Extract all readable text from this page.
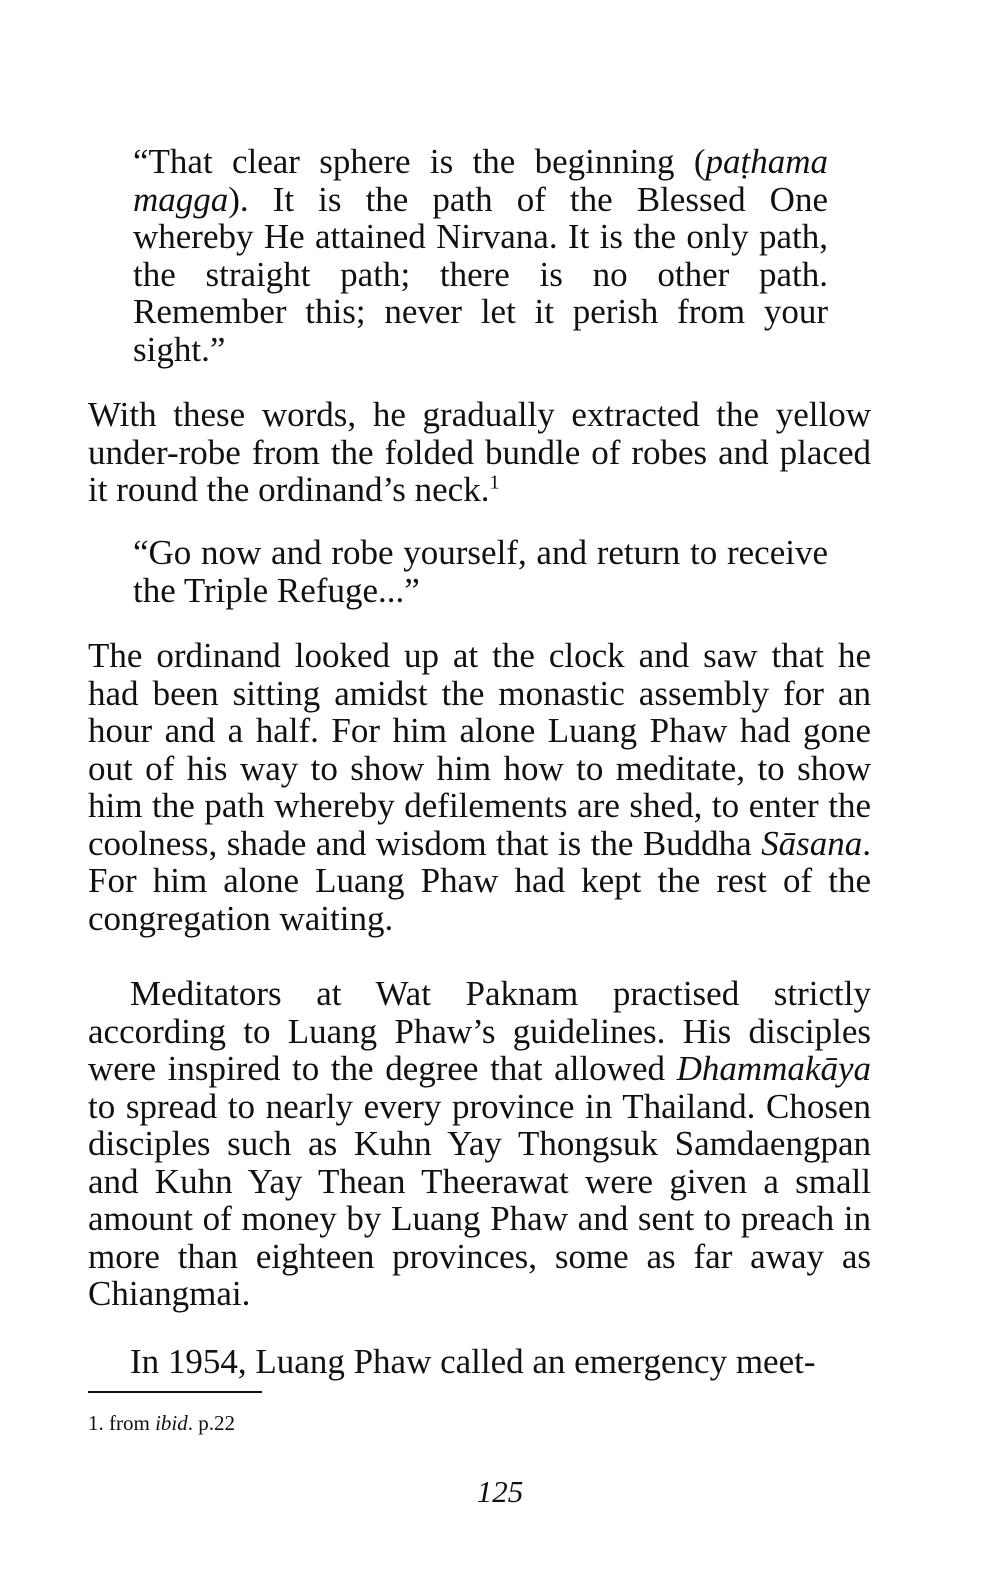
“That clear sphere is the beginning (paṭhama magga). It is the path of the Blessed One whereby He attained Nirvana. It is the only path, the straight path; there is no other path. Remember this; never let it perish from your sight.”

With these words, he gradually extracted the yellow under-robe from the folded bundle of robes and placed it round the ordinand’s neck.$^1$

“Go now and robe yourself, and return to receive the Triple Refuge...”

The ordinand looked up at the clock and saw that he had been sitting amidst the monastic assembly for an hour and a half. For him alone Luang Phaw had gone out of his way to show him how to meditate, to show him the path whereby defilements are shed, to enter the coolness, shade and wisdom that is the Buddha Sāsana. For him alone Luang Phaw had kept the rest of the congregation waiting.

Meditators at Wat Paknam practised strictly according to Luang Phaw’s guidelines. His disciples were inspired to the degree that allowed Dhammakāya to spread to nearly every province in Thailand. Chosen disciples such as Kuhn Yay Thongsuk Samdaengpan and Kuhn Yay Thean Theerawat were given a small amount of money by Luang Phaw and sent to preach in more than eighteen provinces, some as far away as Chiangmai.

In 1954, Luang Phaw called an emergency meet-

1. from ibid. p.22
125
